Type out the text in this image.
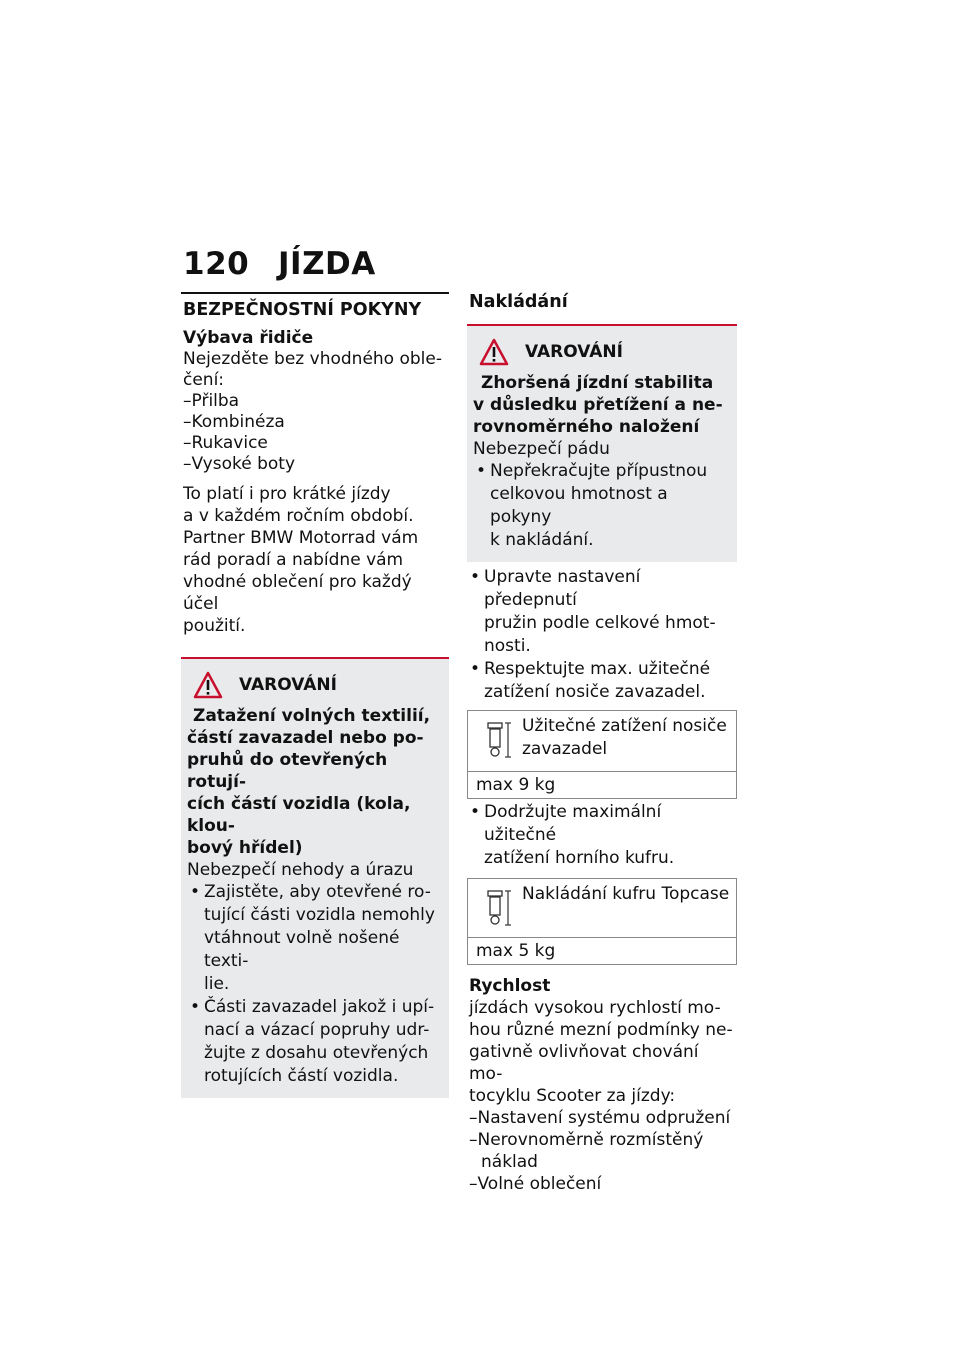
120 JÍZDA
BEZPEČNOSTNÍ POKYNY
Výbava řidiče
Nejezděte bez vhodného oble-
čení:
–Přilba
–Kombinéza
–Rukavice
–Vysoké boty
To platí i pro krátké jízdy
a v každém ročním období.
Partner BMW Motorrad vám
rád poradí a nabídne vám
vhodné oblečení pro každý účel
použití.
VAROVÁNÍ
Zatažení volných textilií,
částí zavazadel nebo po-
pruhů do otevřených rotují-
cích částí vozidla (kola, klou-
bový hřídel)
Nebezpečí nehody a úrazu
• Zajistěte, aby otevřené ro-
tující části vozidla nemohly
vtáhnout volně nošené texti-
lie.
• Části zavazadel jakož i upí-
nací a vázací popruhy udr-
žujte z dosahu otevřených
rotujících částí vozidla.
Nakládání
VAROVÁNÍ
Zhoršená jízdní stabilita
v důsledku přetížení a ne-
rovnoměrného naložení
Nebezpečí pádu
• Nepřekračujte přípustnou
celkovou hmotnost a pokyny
k nakládání.
• Upravte nastavení předepnutí
pružin podle celkové hmot-
nosti.
• Respektujte max. užitečné
zatížení nosiče zavazadel.
Užitečné zatížení nosiče
zavazadel
max 9 kg
• Dodržujte maximální užitečné
zatížení horního kufru.
Nakládání kufru Topcase
max 5 kg
Rychlost
jízdách vysokou rychlostí mo-
hou různé mezní podmínky ne-
gativně ovlivňovat chování mo-
tocyklu Scooter za jízdy:
–Nastavení systému odpružení
–Nerovnoměrně rozmístěný
náklad
–Volné oblečení
